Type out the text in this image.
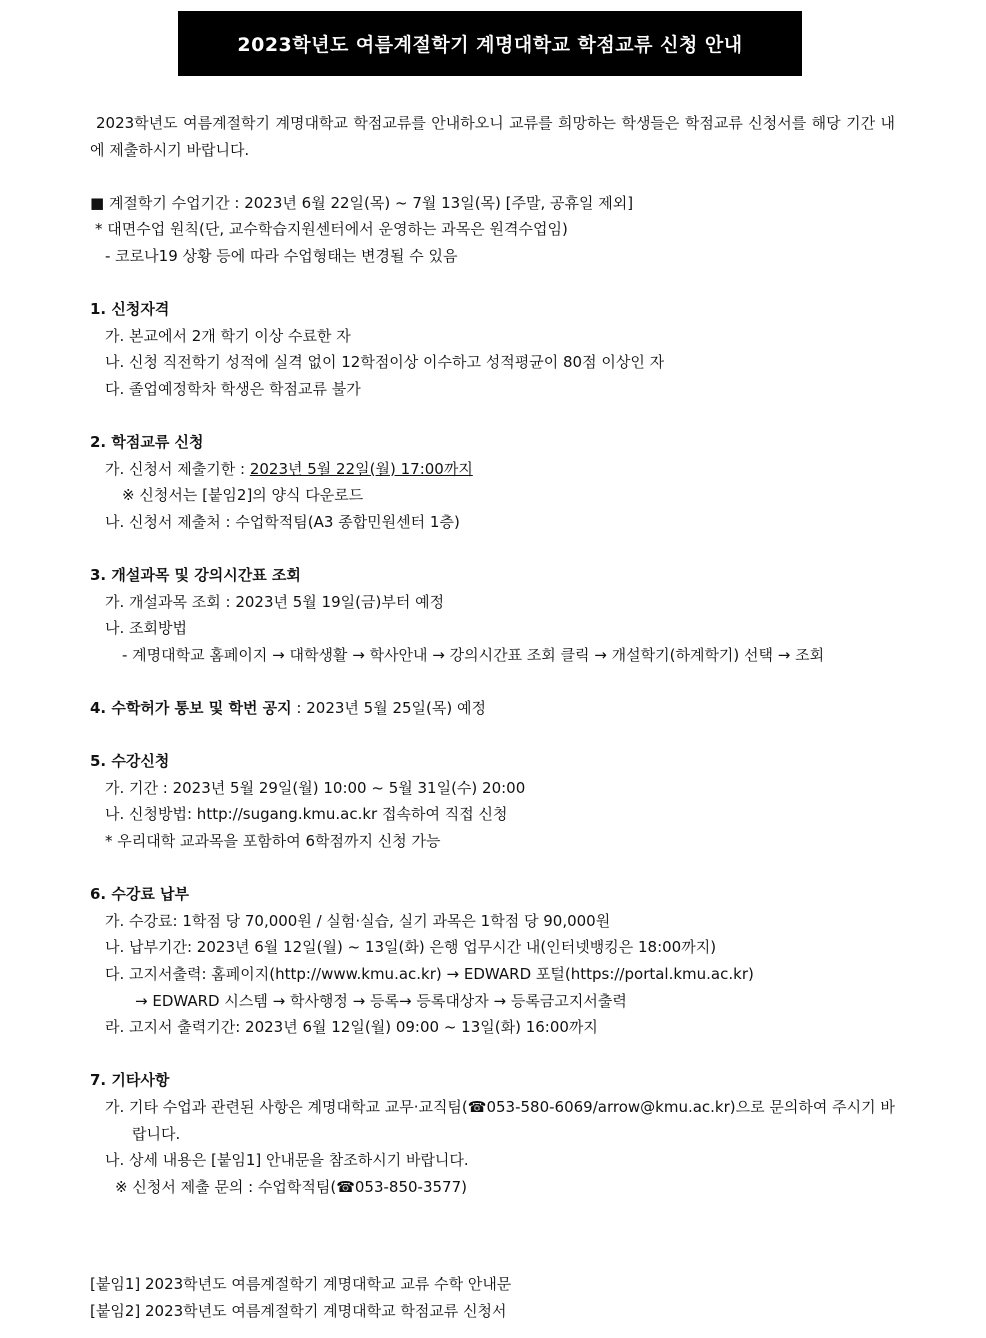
2023학년도 여름계절학기 계명대학교 학점교류 신청 안내

2023학년도 여름계절학기 계명대학교 학점교류를 안내하오니 교류를 희망하는 학생들은 학점교류 신청서를 해당 기간 내에 제출하시기 바랍니다.

■ 계절학기 수업기간 : 2023년 6월 22일(목) ~ 7월 13일(목) [주말, 공휴일 제외]

* 대면수업 원칙(단, 교수학습지원센터에서 운영하는 과목은 원격수업임)

- 코로나19 상황 등에 따라 수업형태는 변경될 수 있음

1. 신청자격

가. 본교에서 2개 학기 이상 수료한 자

나. 신청 직전학기 성적에 실격 없이 12학점이상 이수하고 성적평균이 80점 이상인 자

다. 졸업예정학차 학생은 학점교류 불가

2. 학점교류 신청

가. 신청서 제출기한 : 2023년 5월 22일(월) 17:00까지

※ 신청서는 [붙임2]의 양식 다운로드

나. 신청서 제출처 : 수업학적팀(A3 종합민원센터 1층)

3. 개설과목 및 강의시간표 조회

가. 개설과목 조회 : 2023년 5월 19일(금)부터 예정

나. 조회방법

- 계명대학교 홈페이지 → 대학생활 → 학사안내 → 강의시간표 조회 클릭 → 개설학기(하계학기) 선택 → 조회

4. 수학허가 통보 및 학번 공지 : 2023년 5월 25일(목) 예정

5. 수강신청

가. 기간 : 2023년 5월 29일(월) 10:00 ~ 5월 31일(수) 20:00

나. 신청방법: http://sugang.kmu.ac.kr 접속하여 직접 신청

* 우리대학 교과목을 포함하여 6학점까지 신청 가능

6. 수강료 납부

가. 수강료: 1학점 당 70,000원 / 실험·실습, 실기 과목은 1학점 당 90,000원

나. 납부기간: 2023년 6월 12일(월) ~ 13일(화) 은행 업무시간 내(인터넷뱅킹은 18:00까지)

다. 고지서출력: 홈페이지(http://www.kmu.ac.kr) → EDWARD 포털(https://portal.kmu.ac.kr)

→ EDWARD 시스템 → 학사행정 → 등록→ 등록대상자 → 등록금고지서출력

라. 고지서 출력기간: 2023년 6월 12일(월) 09:00 ~ 13일(화) 16:00까지

7. 기타사항

가. 기타 수업과 관련된 사항은 계명대학교 교무·교직팀(☎053-580-6069/arrow@kmu.ac.kr)으로 문의하여 주시기 바랍니다.

나. 상세 내용은 [붙임1] 안내문을 참조하시기 바랍니다.

※ 신청서 제출 문의 : 수업학적팀(☎053-850-3577)

[붙임1] 2023학년도 여름계절학기 계명대학교 교류 수학 안내문

[붙임2] 2023학년도 여름계절학기 계명대학교 학점교류 신청서
